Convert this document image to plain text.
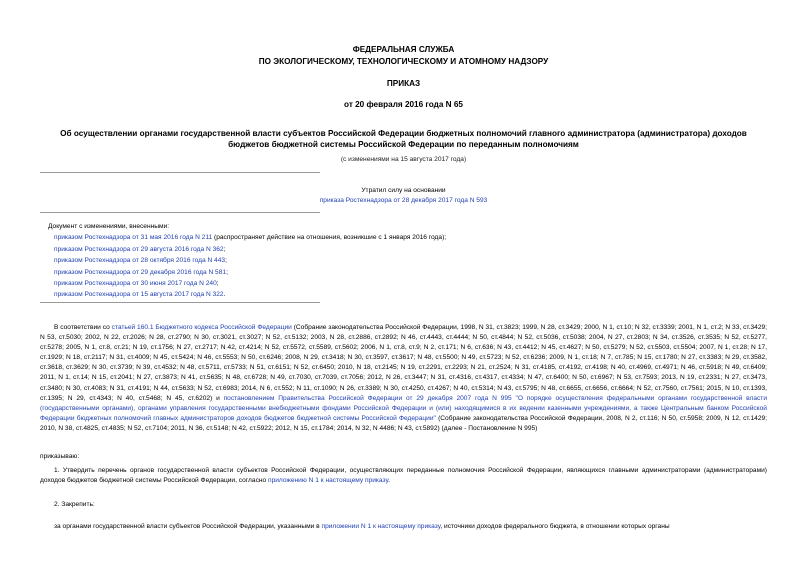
ФЕДЕРАЛЬНАЯ СЛУЖБА
ПО ЭКОЛОГИЧЕСКОМУ, ТЕХНОЛОГИЧЕСКОМУ И АТОМНОМУ НАДЗОРУ
ПРИКАЗ
от 20 февраля 2016 года N 65
Об осуществлении органами государственной власти субъектов Российской Федерации бюджетных полномочий главного администратора (администратора) доходов бюджетов бюджетной системы Российской Федерации по переданным полномочиям
(с изменениями на 15 августа 2017 года)
Утратил силу на основании
приказа Ростехнадзора от 28 декабря 2017 года N 593
Документ с изменениями, внесенными:
приказом Ростехнадзора от 31 мая 2016 года N 211 (распространяет действие на отношения, возникшие с 1 января 2016 года);
приказом Ростехнадзора от 29 августа 2016 года N 362;
приказом Ростехнадзора от 28 октября 2016 года N 443;
приказом Ростехнадзора от 29 декабря 2016 года N 581;
приказом Ростехнадзора от 30 июня 2017 года N 240;
приказом Ростехнадзора от 15 августа 2017 года N 322.
В соответствии со статьей 160.1 Бюджетного кодекса Российской Федерации (Собрание законодательства Российской Федерации, 1998, N 31, ст.3823; 1999, N 28, ст.3429; 2000, N 1, ст.10; N 32, ст.3339; 2001, N 1, ст.2; N 33, ст.3429; N 53, ст.5030; 2002, N 22, ст.2026; N 28, ст.2790; N 30, ст.3021, ст.3027; N 52, ст.5132; 2003, N 28, ст.2886, ст.2892; N 46, ст.4443, ст.4444; N 50, ст.4844; N 52, ст.5036, ст.5038; 2004, N 27, ст.2803; N 34, ст.3526, ст.3535; N 52, ст.5277, ст.5278; 2005, N 1, ст.8, ст.21; N 19, ст.1756; N 27, ст.2717; N 42, ст.4214; N 52, ст.5572, ст.5589, ст.5602; 2006, N 1, ст.8, ст.9; N 2, ст.171; N 6, ст.636; N 43, ст.4412; N 45, ст.4627; N 50, ст.5279; N 52, ст.5503, ст.5504; 2007, N 1, ст.28; N 17, ст.1929; N 18, ст.2117; N 31, ст.4009; N 45, ст.5424; N 46, ст.5553; N 50, ст.6246; 2008, N 29, ст.3418; N 30, ст.3597, ст.3617; N 48, ст.5500; N 49, ст.5723; N 52, ст.6236; 2009, N 1, ст.18; N 7, ст.785; N 15, ст.1780; N 27, ст.3383; N 29, ст.3582, ст.3618, ст.3629; N 30, ст.3739; N 39, ст.4532; N 48, ст.5711, ст.5733; N 51, ст.6151; N 52, ст.6450; 2010, N 18, ст.2145; N 19, ст.2291, ст.2293; N 21, ст.2524; N 31, ст.4185, ст.4192, ст.4198; N 40, ст.4969, ст.4971; N 46, ст.5918; N 49, ст.6409; 2011, N 1, ст.14; N 15, ст.2041; N 27, ст.3873; N 41, ст.5635; N 48, ст.6728; N 49, ст.7030, ст.7039, ст.7056; 2012, N 26, ст.3447; N 31, ст.4316, ст.4317, ст.4334; N 47, ст.6400; N 50, ст.6967; N 53, ст.7593; 2013, N 19, ст.2331; N 27, ст.3473, ст.3480; N 30, ст.4083; N 31, ст.4191; N 44, ст.5633; N 52, ст.6983; 2014, N 6, ст.552; N 11, ст.1090; N 26, ст.3389; N 30, ст.4250, ст.4267; N 40, ст.5314; N 43, ст.5795; N 48, ст.6655, ст.6656, ст.6664; N 52, ст.7560, ст.7561; 2015, N 10, ст.1393, ст.1395; N 29, ст.4343; N 40, ст.5468; N 45, ст.6202) и постановлением Правительства Российской Федерации от 29 декабря 2007 года N 995 "О порядке осуществления федеральными органами государственной власти (государственными органами), органами управления государственными внебюджетными фондами Российской Федерации и (или) находящимися в их ведении казенными учреждениями, а также Центральным банком Российской Федерации бюджетных полномочий главных администраторов доходов бюджетов бюджетной системы Российской Федерации" (Собрание законодательства Российской Федерации, 2008, N 2, ст.116; N 50, ст.5958; 2009, N 12, ст.1429; 2010, N 38, ст.4825, ст.4835; N 52, ст.7104; 2011, N 36, ст.5148; N 42, ст.5922; 2012, N 15, ст.1784; 2014, N 32, N 4486; N 43, ст.5892) (далее - Постановление N 995)
приказываю:
1. Утвердить перечень органов государственной власти субъектов Российской Федерации, осуществляющих переданные полномочия Российской Федерации, являющихся главными администраторами (администраторами) доходов бюджетов бюджетной системы Российской Федерации, согласно приложению N 1 к настоящему приказу.
2. Закрепить:
за органами государственной власти субъектов Российской Федерации, указанными в приложении N 1 к настоящему приказу, источники доходов федерального бюджета, в отношении которых органы
